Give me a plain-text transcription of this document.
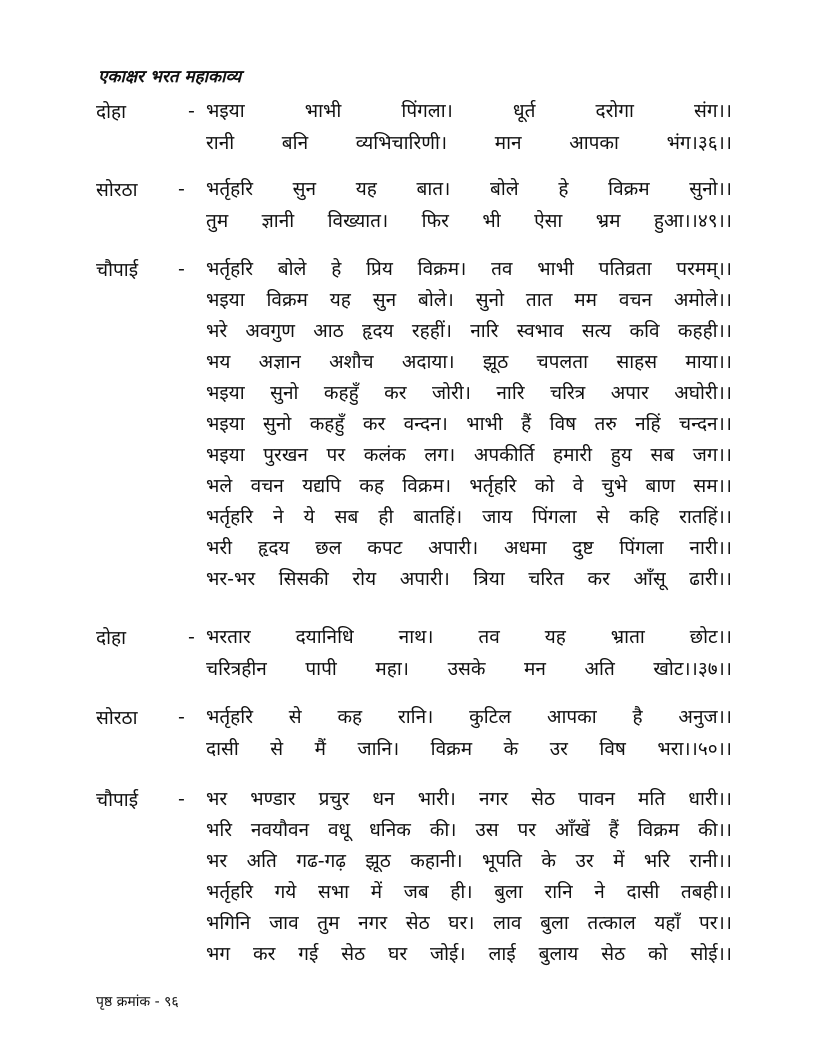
एकाक्षर भरत महाकाव्य
दोहा	- भइया भाभी पिंगला। धूर्त दरोगा संग।।
रानी बनि व्यभिचारिणी। मान आपका भंग।३६।।
सोरठा - भर्तृहरि सुन यह बात। बोले हे विक्रम सुनो।।
तुम ज्ञानी विख्यात। फिर भी ऐसा भ्रम हुआ।।४९।।
चौपाई - भर्तृहरि बोले हे प्रिय विक्रम। तव भाभी पतिव्रता परमम्।।
भइया विक्रम यह सुन बोले। सुनो तात मम वचन अमोले।।
भरे अवगुण आठ हृदय रहहीं। नारि स्वभाव सत्य कवि कहही।।
भय अज्ञान अशौच अदाया। झूठ चपलता साहस माया।।
भइया सुनो कहहुँ कर जोरी। नारि चरित्र अपार अघोरी।।
भइया सुनो कहहुँ कर वन्दन। भाभी हैं विष तरु नहिं चन्दन।।
भइया पुरखन पर कलंक लग। अपकीर्ति हमारी हुय सब जग।।
भले वचन यद्यपि कह विक्रम। भर्तृहरि को वे चुभे बाण सम।।
भर्तृहरि ने ये सब ही बातहिं। जाय पिंगला से कहि रातहिं।।
भरी हृदय छल कपट अपारी। अधमा दुष्ट पिंगला नारी।।
भर-भर सिसकी रोय अपारी। त्रिया चरित कर आँसू ढारी।।
दोहा	- भरतार दयानिधि नाथ। तव यह भ्राता छोट।।
चरित्रहीन पापी महा। उसके मन अति खोट।।३७।।
सोरठा - भर्तृहरि से कह रानि। कुटिल आपका है अनुज।।
दासी से मैं जानि। विक्रम के उर विष भरा।।५०।।
चौपाई - भर भण्डार प्रचुर धन भारी। नगर सेठ पावन मति धारी।।
भरि नवयौवन वधू धनिक की। उस पर आँखें हैं विक्रम की।।
भर अति गढ-गढ़ झूठ कहानी। भूपति के उर में भरि रानी।।
भर्तृहरि गये सभा में जब ही। बुला रानि ने दासी तबही।।
भगिनि जाव तुम नगर सेठ घर। लाव बुला तत्काल यहाँ पर।।
भग कर गई सेठ घर जोई। लाई बुलाय सेठ को सोई।।
पृष्ठ क्रमांक - ९६
